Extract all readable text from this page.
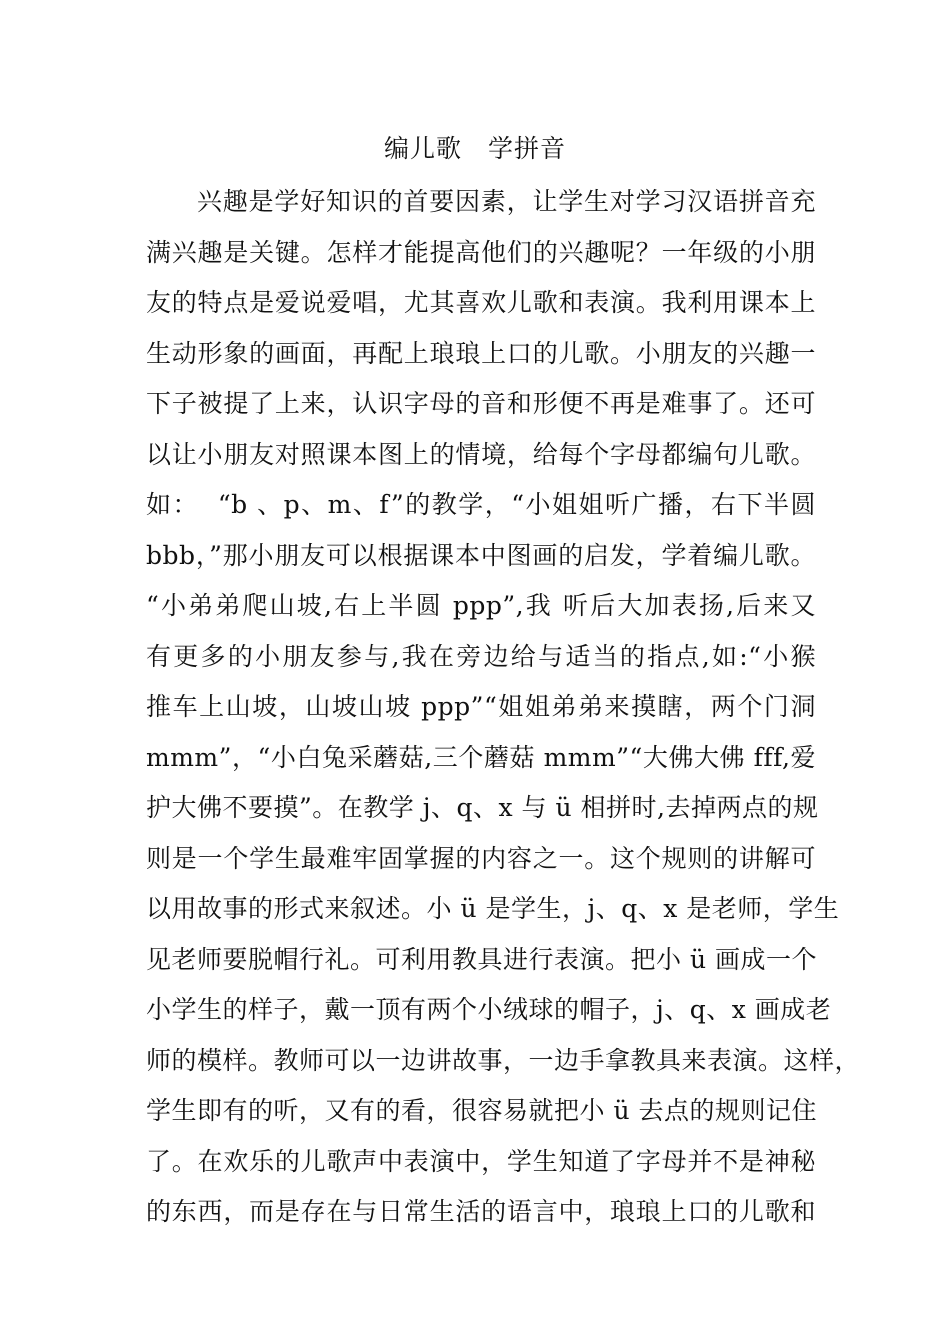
编儿歌　学拼音
兴趣是学好知识的首要因素，让学生对学习汉语拼音充
满兴趣是关键。怎样才能提高他们的兴趣呢？一年级的小朋
友的特点是爱说爱唱，尤其喜欢儿歌和表演。我利用课本上
生动形象的画面，再配上琅琅上口的儿歌。小朋友的兴趣一
下子被提了上来，认识字母的音和形便不再是难事了。还可
以让小朋友对照课本图上的情境，给每个字母都编句儿歌。
如：  “b 、p、m、f”的教学，“小姐姐听广播，右下半圆
bbb，”那小朋友可以根据课本中图画的启发，学着编儿歌。
“小弟弟爬山坡,右上半圆 ppp”,我 听后大加表扬,后来又
有更多的小朋友参与,我在旁边给与适当的指点,如:“小猴
推车上山坡，山坡山坡 ppp”“姐姐弟弟来摸瞎，两个门洞
mmm”，“小白兔采蘑菇,三个蘑菇 mmm”“大佛大佛 fff,爱
护大佛不要摸”。在教学 j、q、x 与 ü 相拼时,去掉两点的规
则是一个学生最难牢固掌握的内容之一。这个规则的讲解可
以用故事的形式来叙述。小 ü 是学生，j、q、x 是老师，学生
见老师要脱帽行礼。可利用教具进行表演。把小 ü 画成一个
小学生的样子，戴一顶有两个小绒球的帽子，j、q、x 画成老
师的模样。教师可以一边讲故事，一边手拿教具来表演。这样，
学生即有的听，又有的看，很容易就把小 ü 去点的规则记住
了。在欢乐的儿歌声中表演中，学生知道了字母并不是神秘
的东西，而是存在与日常生活的语言中，琅琅上口的儿歌和
